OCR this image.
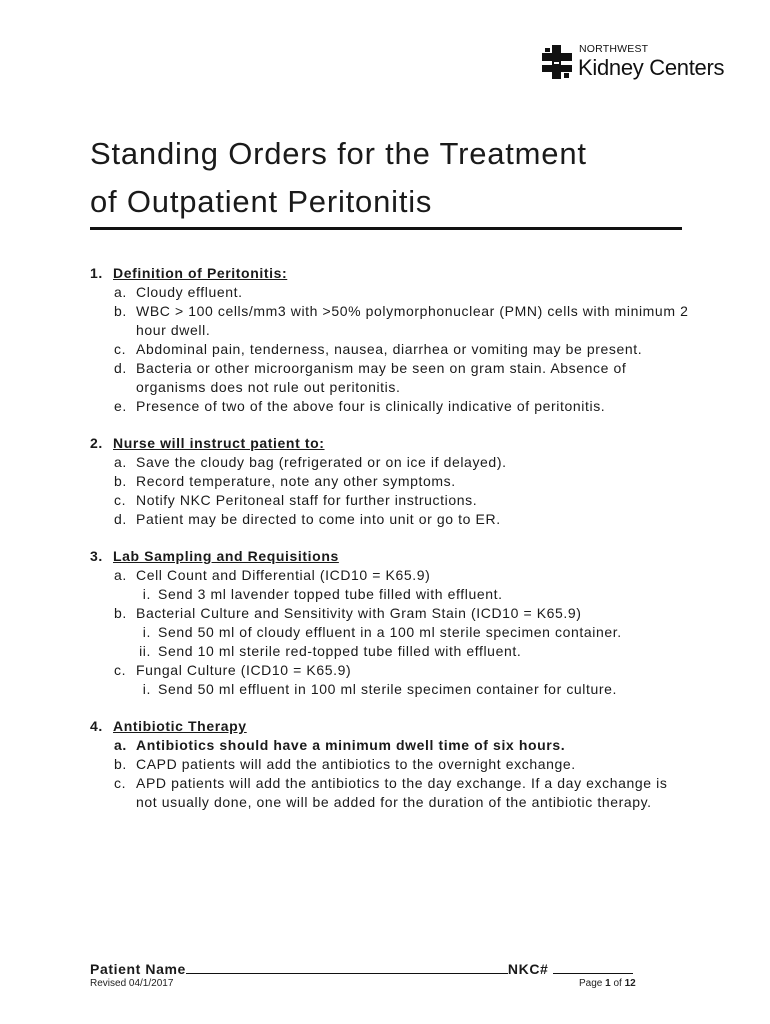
NORTHWEST
Kidney Centers
Standing Orders for the Treatment
of Outpatient Peritonitis
1. Definition of Peritonitis:
a. Cloudy effluent.
b. WBC > 100 cells/mm3 with >50% polymorphonuclear (PMN) cells with minimum 2 hour dwell.
c. Abdominal pain, tenderness, nausea, diarrhea or vomiting may be present.
d. Bacteria or other microorganism may be seen on gram stain. Absence of organisms does not rule out peritonitis.
e. Presence of two of the above four is clinically indicative of peritonitis.
2. Nurse will instruct patient to:
a. Save the cloudy bag (refrigerated or on ice if delayed).
b. Record temperature, note any other symptoms.
c. Notify NKC Peritoneal staff for further instructions.
d. Patient may be directed to come into unit or go to ER.
3. Lab Sampling and Requisitions
a. Cell Count and Differential (ICD10 = K65.9)
i. Send 3 ml lavender topped tube filled with effluent.
b. Bacterial Culture and Sensitivity with Gram Stain (ICD10 = K65.9)
i. Send 50 ml of cloudy effluent in a 100 ml sterile specimen container.
ii. Send 10 ml sterile red-topped tube filled with effluent.
c. Fungal Culture (ICD10 = K65.9)
i. Send 50 ml effluent in 100 ml sterile specimen container for culture.
4. Antibiotic Therapy
a. Antibiotics should have a minimum dwell time of six hours.
b. CAPD patients will add the antibiotics to the overnight exchange.
c. APD patients will add the antibiotics to the day exchange. If a day exchange is not usually done, one will be added for the duration of the antibiotic therapy.
Patient Name	NKC#
Revised 04/1/2017	Page 1 of 12
